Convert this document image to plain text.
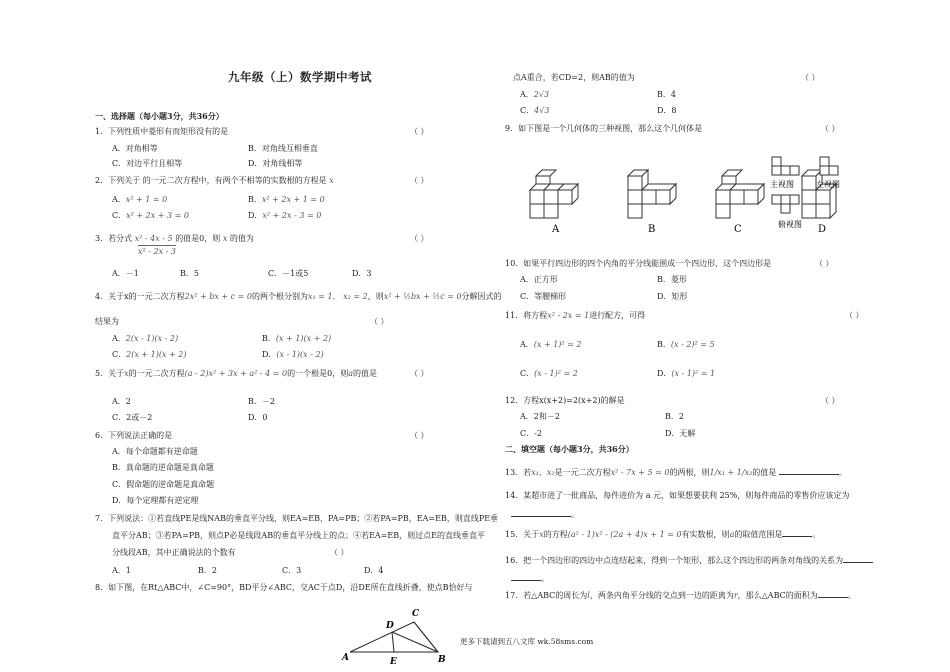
九年级（上）数学期中考试
一、选择题（每小题3分，共36分）
1．下列性质中菱形有而矩形没有的是	（ ）
A．对角相等	B．对角线互相垂直
C．对边平行且相等	D．对角线相等
2．下列关于 的一元二次方程中，有两个不相等的实数根的方程是 x	（ ）
A．x² + 1 = 0	B．x² + 2x + 1 = 0
C．x² + 2x + 3 = 0	D．x² + 2x - 3 = 0
3．若分式 x² - 4x - 5 的值是0，则 x 的值为
x² - 2x - 3
（ ）
A．－1	B．5	C．－1或5	D．3
4．关于x的一元二次方程2x² + bx + c = 0的两个根分别为x₁ = 1， x₂ = 2，则x² + ½bx + ½c = 0分解因式的
结果为	（ ）
A．2(x - 1)(x - 2)	B．(x + 1)(x + 2)
C．2(x + 1)(x + 2)	D．(x - 1)(x - 2)
5．关于x的一元二次方程(a - 2)x² + 3x + a² - 4 = 0的一个根是0，则a的值是	（ ）
A．2	B．－2
C．2或－2	D．0
6．下列说法正确的是	（ ）
A．每个命题都有逆命题
B．真命题的逆命题是真命题
C．假命题的逆命题是真命题
D．每个定理都有逆定理
7．下列说法：①若直线PE是线NAB的垂直平分线，则EA=EB，PA=PB；②若PA=PB，EA=EB，则直线PE垂
直平分AB；③若PA=PB，则点P必是线段AB的垂直平分线上的点；④若EA=EB，则过点E的直线垂直平
分线段AB，其中正确说法的个数有	（ ）
A．1	B．2	C．3	D．4
8．如下图，在Rt△ABC中，∠C=90°，BD平分∠ABC，交AC于点D，沿DE所在直线折叠，使点B恰好与
A	B
C
D
E
点A重合，若CD=2，则AB的值为	（ ）
A．2√3	B．4
C．4√3	D．8
9．如下图是一个几何体的三种视图，那么这个几何体是	（ ）
A	B	C	D
主视图	左视图
俯视图
10．如果平行四边形的四个内角的平分线能围成一个四边形，这个四边形是	（ ）
A．正方形	B．菱形
C．等腰梯形	D．矩形
11．将方程x² - 2x = 1进行配方，可得	（ ）
A．(x + 1)² = 2	B．(x - 2)² = 5
C．(x - 1)² = 2	D．(x - 1)² = 1
12．方程x(x+2)=2(x+2)的解是	（ ）
A．2和－2	B．2
C．-2	D．无解
二、填空题（每小题3分，共36分）
13．若x₁，x₂是一元二次方程x² - 7x + 5 = 0的两根，则1/x₁ + 1/x₂的值是	。
14．某超市进了一批商品，每件进价为 a 元，如果想要获利 25%，则每件商品的零售价应该定为
。
15．关于x的方程(a² - 1)x² - (2a + 4)x + 1 = 0有实数根，则a的取值范围是	。
16．把一个四边形的四边中点连结起来，得到一个矩形，那么这个四边形的两条对角线的关系为
。
17．若△ABC的周长为l，两条内角平分线的交点到一边的距离为r，那么△ABC的面积为	。
更多下载请到五八文库 wk.58sms.com
